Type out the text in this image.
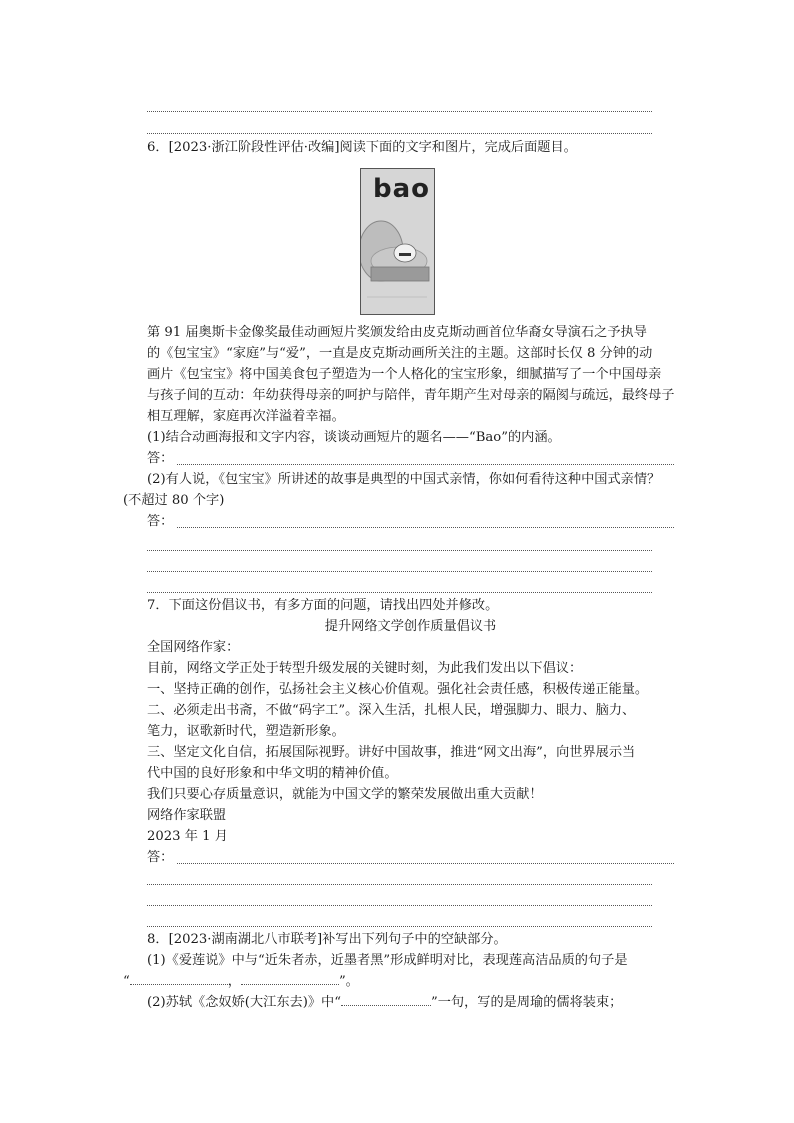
6．[2023·浙江阶段性评估·改编]阅读下面的文字和图片，完成后面题目。
bao
第 91 届奥斯卡金像奖最佳动画短片奖颁发给由皮克斯动画首位华裔女导演石之予执导
的《包宝宝》“家庭”与“爱”，一直是皮克斯动画所关注的主题。这部时长仅 8 分钟的动
画片《包宝宝》将中国美食包子塑造为一个人格化的宝宝形象，细腻描写了一个中国母亲
与孩子间的互动：年幼获得母亲的呵护与陪伴，青年期产生对母亲的隔阂与疏远，最终母子
相互理解，家庭再次洋溢着幸福。
(1)结合动画海报和文字内容，谈谈动画短片的题名——“Bao”的内涵。
答：
(2)有人说，《包宝宝》所讲述的故事是典型的中国式亲情，你如何看待这种中国式亲情？
(不超过 80 个字)
答：
7．下面这份倡议书，有多方面的问题，请找出四处并修改。
提升网络文学创作质量倡议书
全国网络作家：
目前，网络文学正处于转型升级发展的关键时刻，为此我们发出以下倡议：
一、坚持正确的创作，弘扬社会主义核心价值观。强化社会责任感，积极传递正能量。
二、必须走出书斋，不做“码字工”。深入生活，扎根人民，增强脚力、眼力、脑力、
笔力，讴歌新时代，塑造新形象。
三、坚定文化自信，拓展国际视野。讲好中国故事，推进“网文出海”，向世界展示当
代中国的良好形象和中华文明的精神价值。
我们只要心存质量意识，就能为中国文学的繁荣发展做出重大贡献！
网络作家联盟
2023 年 1 月
答：
8．[2023·湖南湖北八市联考]补写出下列句子中的空缺部分。
(1)《爱莲说》中与“近朱者赤，近墨者黑”形成鲜明对比，表现莲高洁品质的句子是
“	，	”。
(2)苏轼《念奴娇(大江东去)》中“	”一句，写的是周瑜的儒将装束；
